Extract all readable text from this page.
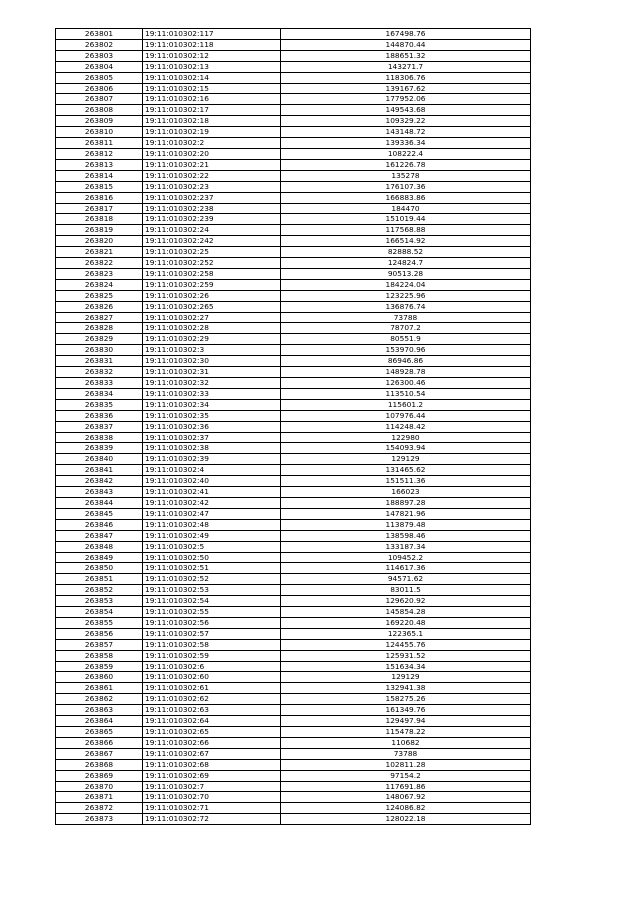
263801	19:11:010302:117	167498.76
263802	19:11:010302:118	144870.44
263803	19:11:010302:12	188651.32
263804	19:11:010302:13	143271.7
263805	19:11:010302:14	118306.76
263806	19:11:010302:15	139167.62
263807	19:11:010302:16	177952.06
263808	19:11:010302:17	149543.68
263809	19:11:010302:18	109329.22
263810	19:11:010302:19	143148.72
263811	19:11:010302:2	139336.34
263812	19:11:010302:20	108222.4
263813	19:11:010302:21	161226.78
263814	19:11:010302:22	135278
263815	19:11:010302:23	176107.36
263816	19:11:010302:237	166883.86
263817	19:11:010302:238	184470
263818	19:11:010302:239	151019.44
263819	19:11:010302:24	117568.88
263820	19:11:010302:242	166514.92
263821	19:11:010302:25	82888.52
263822	19:11:010302:252	124824.7
263823	19:11:010302:258	90513.28
263824	19:11:010302:259	184224.04
263825	19:11:010302:26	123225.96
263826	19:11:010302:265	136876.74
263827	19:11:010302:27	73788
263828	19:11:010302:28	78707.2
263829	19:11:010302:29	80551.9
263830	19:11:010302:3	153970.96
263831	19:11:010302:30	86946.86
263832	19:11:010302:31	148928.78
263833	19:11:010302:32	126300.46
263834	19:11:010302:33	113510.54
263835	19:11:010302:34	115601.2
263836	19:11:010302:35	107976.44
263837	19:11:010302:36	114248.42
263838	19:11:010302:37	122980
263839	19:11:010302:38	154093.94
263840	19:11:010302:39	129129
263841	19:11:010302:4	131465.62
263842	19:11:010302:40	151511.36
263843	19:11:010302:41	166023
263844	19:11:010302:42	188897.28
263845	19:11:010302:47	147821.96
263846	19:11:010302:48	113879.48
263847	19:11:010302:49	138598.46
263848	19:11:010302:5	133187.34
263849	19:11:010302:50	109452.2
263850	19:11:010302:51	114617.36
263851	19:11:010302:52	94571.62
263852	19:11:010302:53	83011.5
263853	19:11:010302:54	129620.92
263854	19:11:010302:55	145854.28
263855	19:11:010302:56	169220.48
263856	19:11:010302:57	122365.1
263857	19:11:010302:58	124455.76
263858	19:11:010302:59	125931.52
263859	19:11:010302:6	151634.34
263860	19:11:010302:60	129129
263861	19:11:010302:61	132941.38
263862	19:11:010302:62	158275.26
263863	19:11:010302:63	161349.76
263864	19:11:010302:64	129497.94
263865	19:11:010302:65	115478.22
263866	19:11:010302:66	110682
263867	19:11:010302:67	73788
263868	19:11:010302:68	102811.28
263869	19:11:010302:69	97154.2
263870	19:11:010302:7	117691.86
263871	19:11:010302:70	148067.92
263872	19:11:010302:71	124086.82
263873	19:11:010302:72	128022.18
